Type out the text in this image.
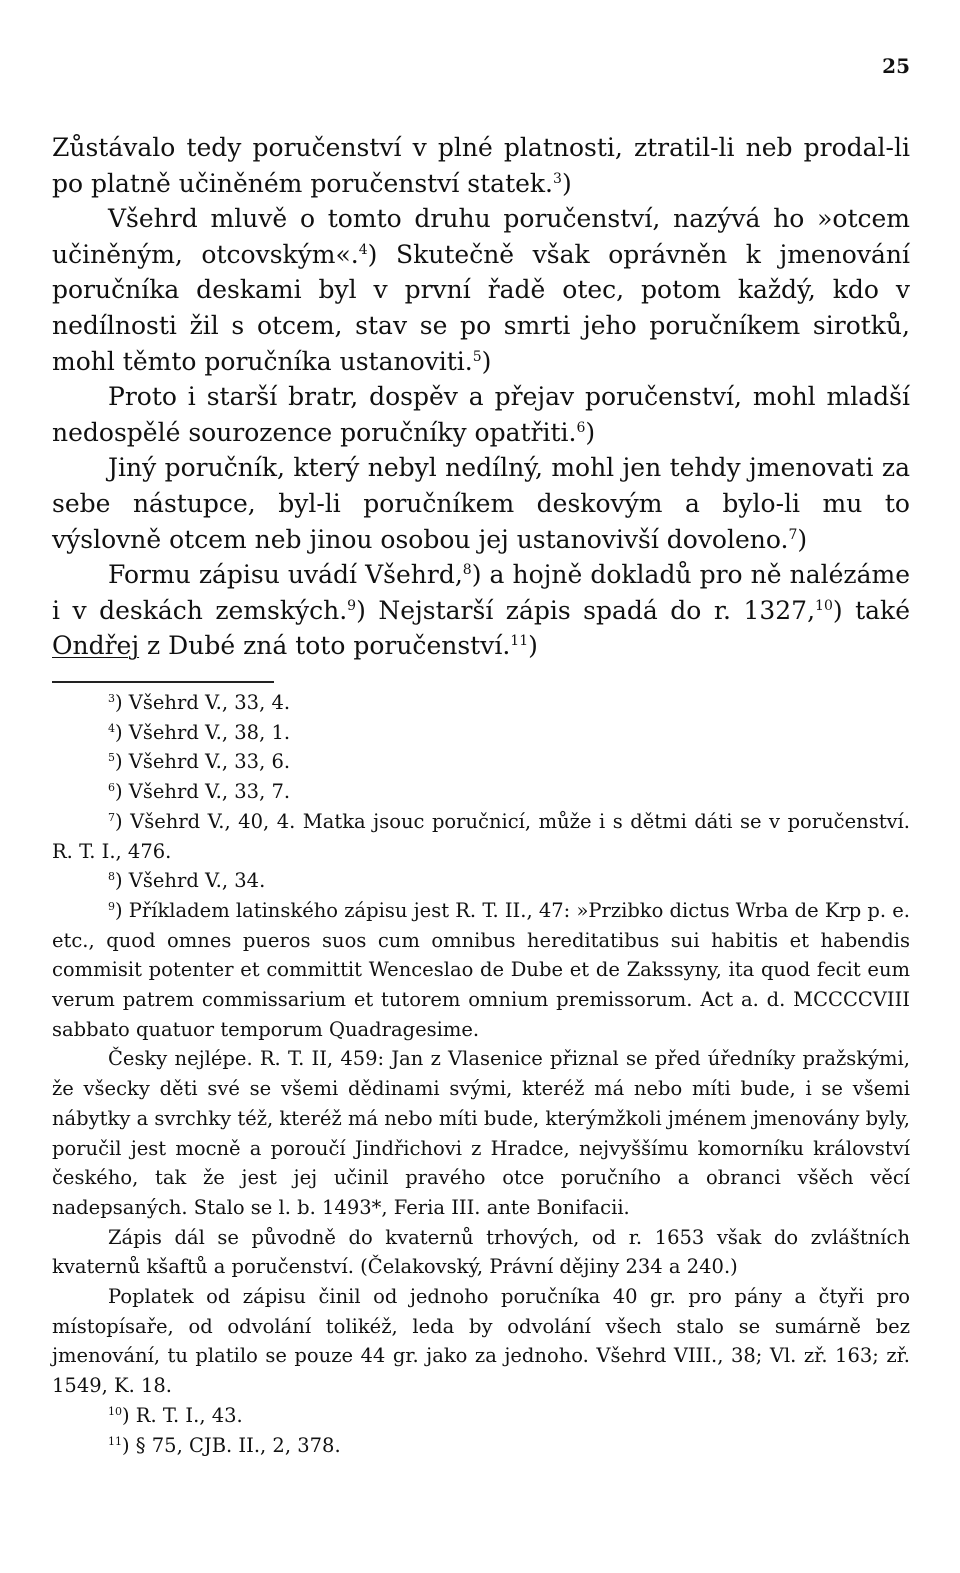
25

Zůstávalo tedy poručenství v plné platnosti, ztratil-li neb prodal-li po platně učiněném poručenství statek.$^3$)

Všehrd mluvě o tomto druhu poručenství, nazývá ho »otcem učiněným, otcovským«.$^4$) Skutečně však oprávněn k jmenování poručníka deskami byl v první řadě otec, potom každý, kdo v nedílnosti žil s otcem, stav se po smrti jeho poručníkem sirotků, mohl těmto poručníka ustanoviti.$^5$)

Proto i starší bratr, dospěv a přejav poručenství, mohl mladší nedospělé sourozence poručníky opatřiti.$^6$)

Jiný poručník, který nebyl nedílný, mohl jen tehdy jmenovati za sebe nástupce, byl-li poručníkem deskovým a bylo-li mu to výslovně otcem neb jinou osobou jej ustanovivší dovoleno.$^7$)

Formu zápisu uvádí Všehrd,$^8$) a hojně dokladů pro ně nalézáme i v deskách zemských.$^9$) Nejstarší zápis spadá do r. 1327,10) také Ondřej z Dubé zná toto poručenství.$^{11}$)

$^3$) Všehrd V., 33, 4.

$^4$) Všehrd V., 38, 1.

$^5$) Všehrd V., 33, 6.

$^6$) Všehrd V., 33, 7.

$^7$) Všehrd V., 40, 4. Matka jsouc poručnicí, může i s dětmi dáti se v poručenství. R. T. I., 476.

$^8$) Všehrd V., 34.

$^9$) Příkladem latinského zápisu jest R. T. II., 47: »Przibko dictus Wrba de Krp p. e. etc., quod omnes pueros suos cum omnibus hereditatibus sui habitis et habendis commisit potenter et committit Wenceslao de Dube et de Zakssyny, ita quod fecit eum verum patrem commissarium et tutorem omnium premissorum. Act a. d. MCCCCVIII sabbato quatuor temporum Quadragesime.

Česky nejlépe. R. T. II, 459: Jan z Vlasenice přiznal se před úředníky pražskými, že všecky děti své se všemi dědinami svými, kteréž má nebo míti bude, i se všemi nábytky a svrchky též, kteréž má nebo míti bude, kterýmžkoli jménem jmenovány byly, poručil jest mocně a poroučí Jindřichovi z Hradce, nejvyššímu komorníku království českého, tak že jest jej učinil pravého otce poručního a obranci všěch věcí nadepsaných. Stalo se l. b. 1493*, Feria III. ante Bonifacii.

Zápis dál se původně do kvaternů trhových, od r. 1653 však do zvláštních kvaternů kšaftů a poručenství. (Čelakovský, Právní dějiny 234 a 240.)

Poplatek od zápisu činil od jednoho poručníka 40 gr. pro pány a čtyři pro místopísaře, od odvolání tolikéž, leda by odvolání všech stalo se sumárně bez jmenování, tu platilo se pouze 44 gr. jako za jednoho. Všehrd VIII., 38; Vl. zř. 163; zř. 1549, K. 18.

$^{10}$) R. T. I., 43.

$^{11}$) § 75, CJB. II., 2, 378.
